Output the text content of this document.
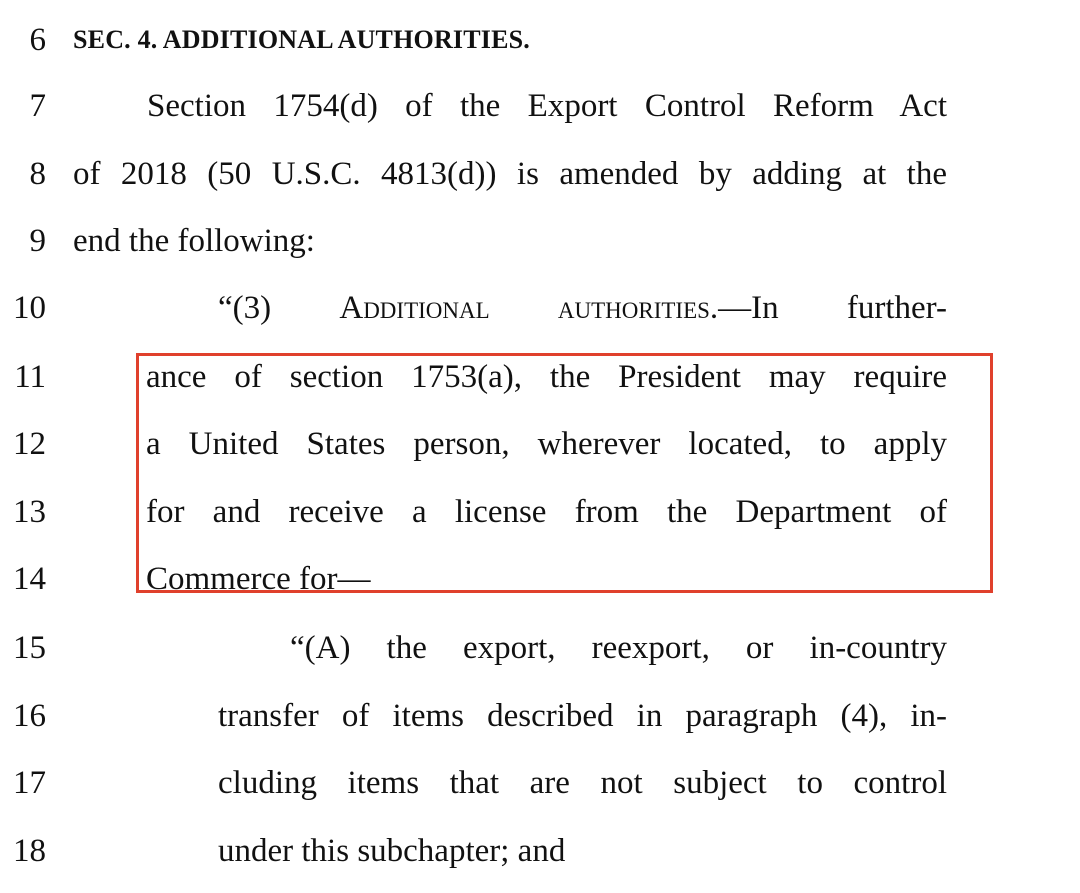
6 SEC. 4. ADDITIONAL AUTHORITIES.
7	Section 1754(d) of the Export Control Reform Act
8 of 2018 (50 U.S.C. 4813(d)) is amended by adding at the
9 end the following:
10	“(3) Additional authorities.—In further-
11	ance of section 1753(a), the President may require
12	a United States person, wherever located, to apply
13	for and receive a license from the Department of
14	Commerce for—
15	“(A) the export, reexport, or in-country
16	transfer of items described in paragraph (4), in-
17	cluding items that are not subject to control
18	under this subchapter; and
